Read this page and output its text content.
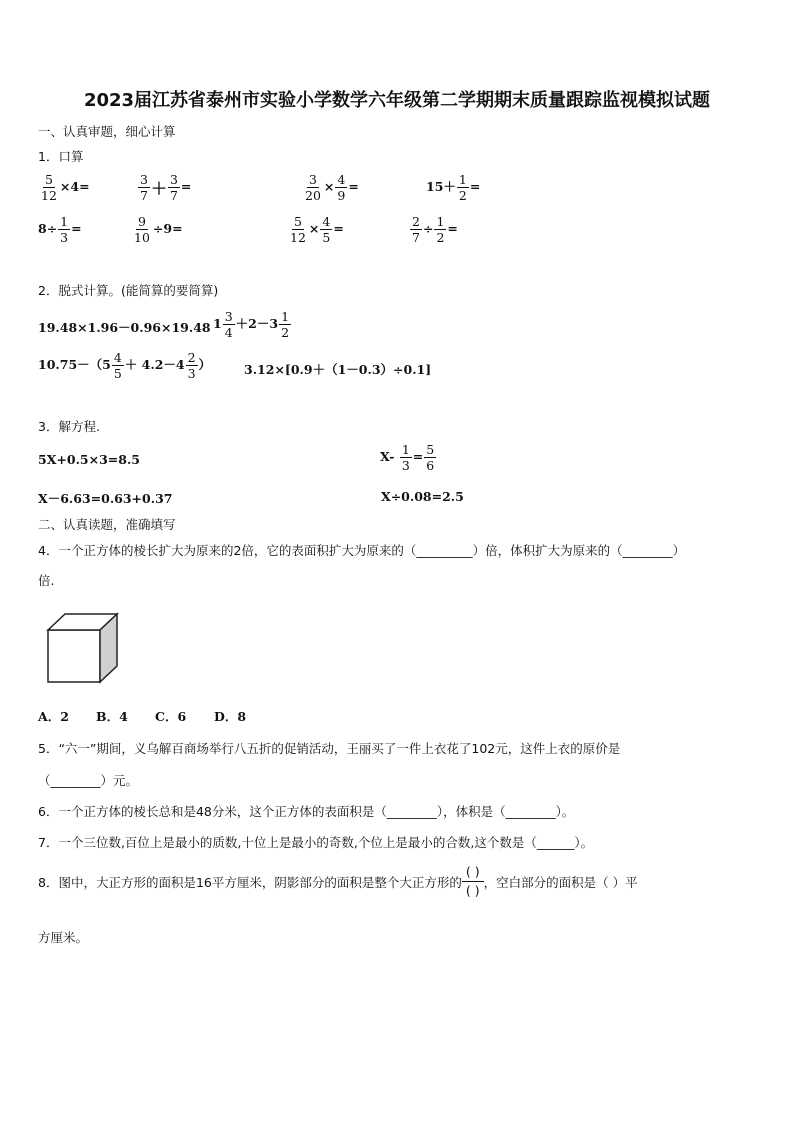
2023届江苏省泰州市实验小学数学六年级第二学期期末质量跟踪监视模拟试题
一、认真审题，细心计算
1．口算
$\frac{5}{12} \times 4=$	$\frac{3}{7} + \frac{3}{7}$ =	$\frac{3}{20} \times \frac{4}{9}$ =	$15+ \frac{1}{2}$ =
$8\div \frac{1}{3}$ =	$\frac{9}{10} \div 9=$	$\frac{5}{12} \times \frac{4}{5}$ =	$\frac{2}{7} \div \frac{1}{2}$ =
2．脱式计算。(能简算的要简算)
19.48×1.96－0.96×19.48 $1 \frac{3}{4} +2-3 \frac{1}{2}$
$10.75-(5 \frac{4}{5} + 4.2-4 \frac{2}{3}$ ）	3.12×[0.9＋（1－0.3）÷0.1]
3．解方程.
5X+0.5×3=8.5	$X- \frac{1}{3} = \frac{5}{6}$
X－6.63=0.63+0.37	X÷0.08=2.5
二、认真读题，准确填写
4．一个正方体的棱长扩大为原来的2倍，它的表面积扩大为原来的（_________）倍，体积扩大为原来的（________）
倍.
A．2 B．4 C．6 D．8
5．“六一”期间，义乌解百商场举行八五折的促销活动，王丽买了一件上衣花了102元，这件上衣的原价是
（________）元。
6．一个正方体的棱长总和是48分米，这个正方体的表面积是（________），体积是（________）。
7．一个三位数,百位上是最小的质数,十位上是最小的奇数,个位上是最小的合数,这个数是（______）。
8．图中，大正方形的面积是16平方厘米，阴影部分的面积是整个大正方形的
( )
( )
，空白部分的面积是（ ）平
方厘米。
